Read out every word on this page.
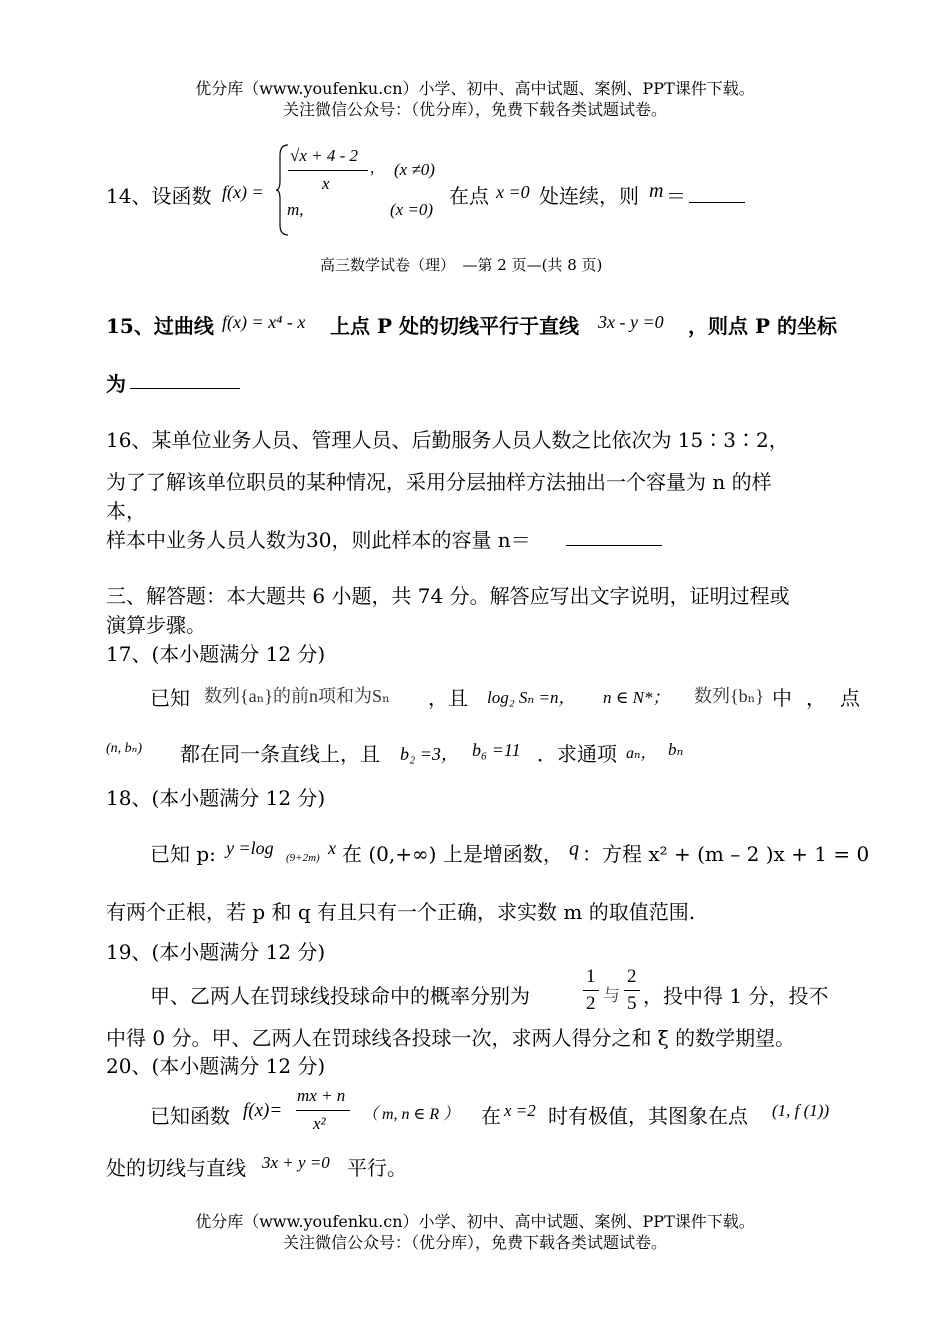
优分库（www.youfenku.cn）小学、初中、高中试题、案例、PPT课件下载。
关注微信公众号：（优分库），免费下载各类试题试卷。
14、设函数 f(x) =
√x + 4 - 2
x
, (x ≠0)
m,	(x =0)
在点 x =0 处连续，则 m ＝
高三数学试卷（理）　—第 2 页—(共 8 页)
15、过曲线 f(x) = x⁴ - x 上点 P 处的切线平行于直线 3x - y =0 ，则点 P 的坐标
为
16、某单位业务人员、管理人员、后勤服务人员人数之比依次为 15∶3∶2，
为了了解该单位职员的某种情况，采用分层抽样方法抽出一个容量为 n 的样
本，
样本中业务人员人数为30，则此样本的容量 n＝
三、解答题：本大题共 6 小题，共 74 分。解答应写出文字说明，证明过程或
演算步骤。
17、(本小题满分 12 分)
已知 数列{aₙ}的前n项和为Sₙ ，且 log₂ Sₙ =n， n ∈ N*； 数列{bₙ} 中，点
(n, bₙ) 都在同一条直线上，且 b₂ =3， b₆ =11 ．求通项 aₙ， bₙ
18、(本小题满分 12 分)
已知 p: y =log (9+2m) x 在 (0,+∞) 上是增函数， q ：方程 x² + (m – 2 )x + 1 = 0
有两个正根，若 p 和 q 有且只有一个正确，求实数 m 的取值范围.
19、(本小题满分 12 分)
甲、乙两人在罚球线投球命中的概率分别为
1
2 与
2
5 ，投中得 1 分，投不
中得 0 分。甲、乙两人在罚球线各投球一次，求两人得分之和 ξ 的数学期望。
20、(本小题满分 12 分)
已知函数 f(x)=
mx + n
x² （ m, n ∈ R ） 在 x =2 时有极值，其图象在点 (1, f (1))
处的切线与直线 3x + y =0 平行。
优分库（www.youfenku.cn）小学、初中、高中试题、案例、PPT课件下载。
关注微信公众号：（优分库），免费下载各类试题试卷。
